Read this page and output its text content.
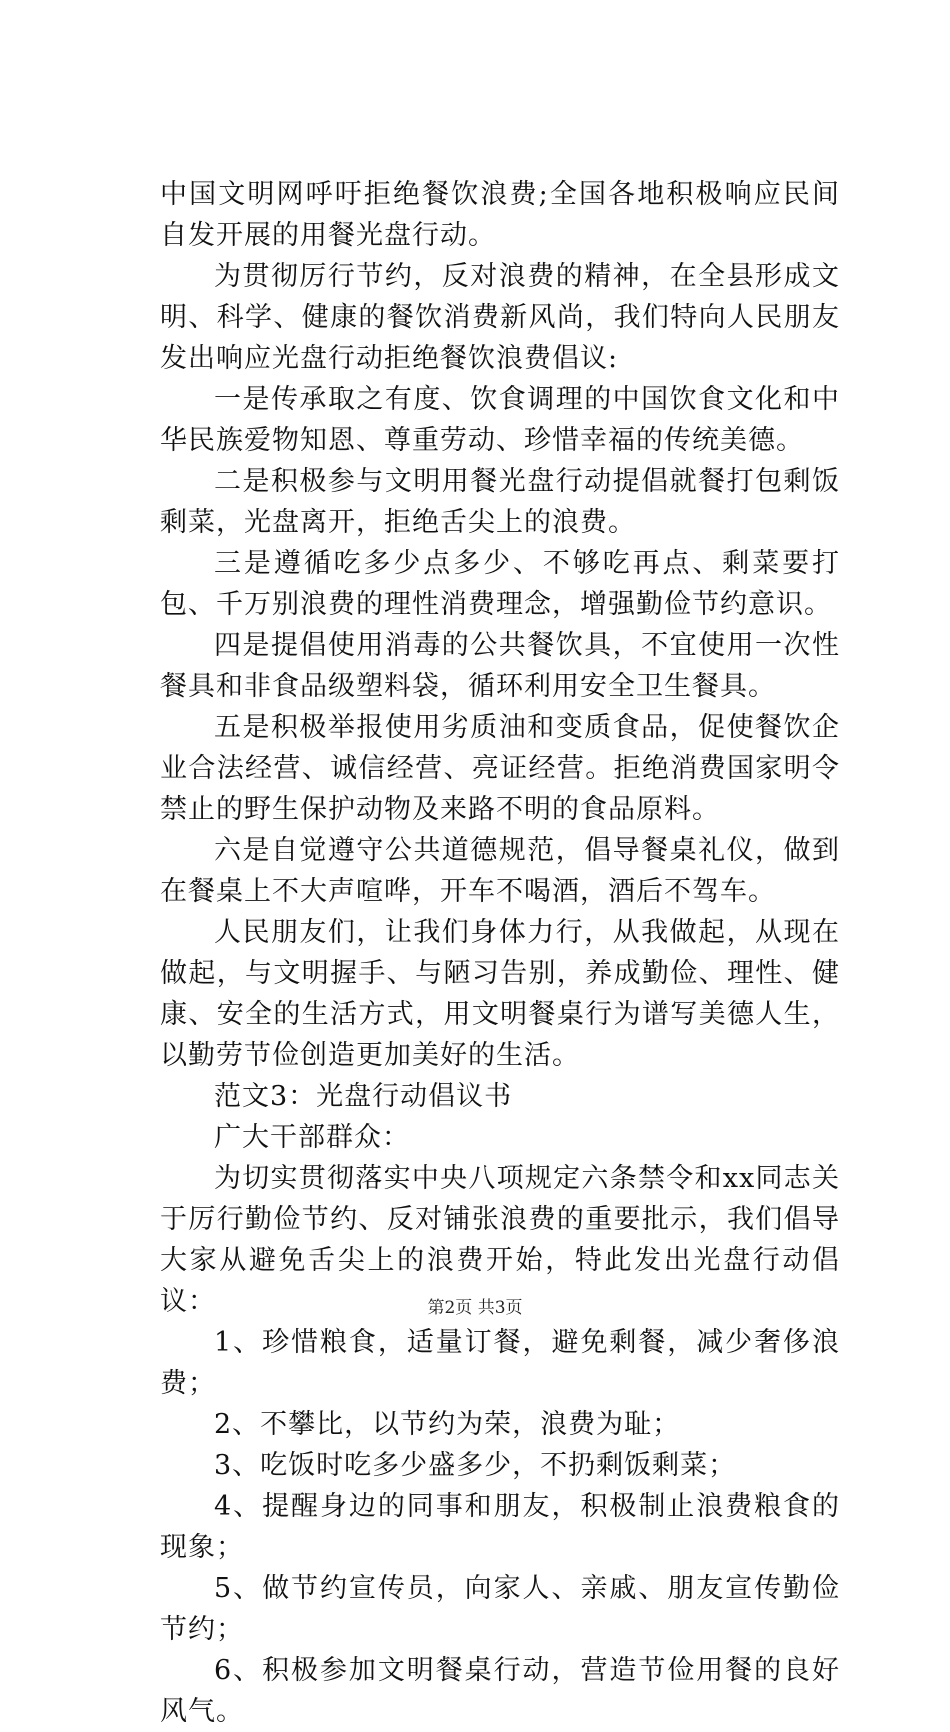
中国文明网呼吁拒绝餐饮浪费;全国各地积极响应民间自发开展的用餐光盘行动。

为贯彻厉行节约，反对浪费的精神，在全县形成文明、科学、健康的餐饮消费新风尚，我们特向人民朋友发出响应光盘行动拒绝餐饮浪费倡议:

一是传承取之有度、饮食调理的中国饮食文化和中华民族爱物知恩、尊重劳动、珍惜幸福的传统美德。

二是积极参与文明用餐光盘行动提倡就餐打包剩饭剩菜，光盘离开，拒绝舌尖上的浪费。

三是遵循吃多少点多少、不够吃再点、剩菜要打包、千万别浪费的理性消费理念，增强勤俭节约意识。

四是提倡使用消毒的公共餐饮具，不宜使用一次性餐具和非食品级塑料袋，循环利用安全卫生餐具。

五是积极举报使用劣质油和变质食品，促使餐饮企业合法经营、诚信经营、亮证经营。拒绝消费国家明令禁止的野生保护动物及来路不明的食品原料。

六是自觉遵守公共道德规范，倡导餐桌礼仪，做到在餐桌上不大声喧哗，开车不喝酒，酒后不驾车。

人民朋友们，让我们身体力行，从我做起，从现在做起，与文明握手、与陋习告别，养成勤俭、理性、健康、安全的生活方式，用文明餐桌行为谱写美德人生，以勤劳节俭创造更加美好的生活。

范文3：光盘行动倡议书

广大干部群众：

为切实贯彻落实中央八项规定六条禁令和xx同志关于厉行勤俭节约、反对铺张浪费的重要批示，我们倡导大家从避免舌尖上的浪费开始，特此发出光盘行动倡议：

1、珍惜粮食，适量订餐，避免剩餐，减少奢侈浪费；

2、不攀比，以节约为荣，浪费为耻；

3、吃饭时吃多少盛多少，不扔剩饭剩菜；

4、提醒身边的同事和朋友，积极制止浪费粮食的现象；

5、做节约宣传员，向家人、亲戚、朋友宣传勤俭节约；

6、积极参加文明餐桌行动，营造节俭用餐的良好风气。

第2页 共3页
